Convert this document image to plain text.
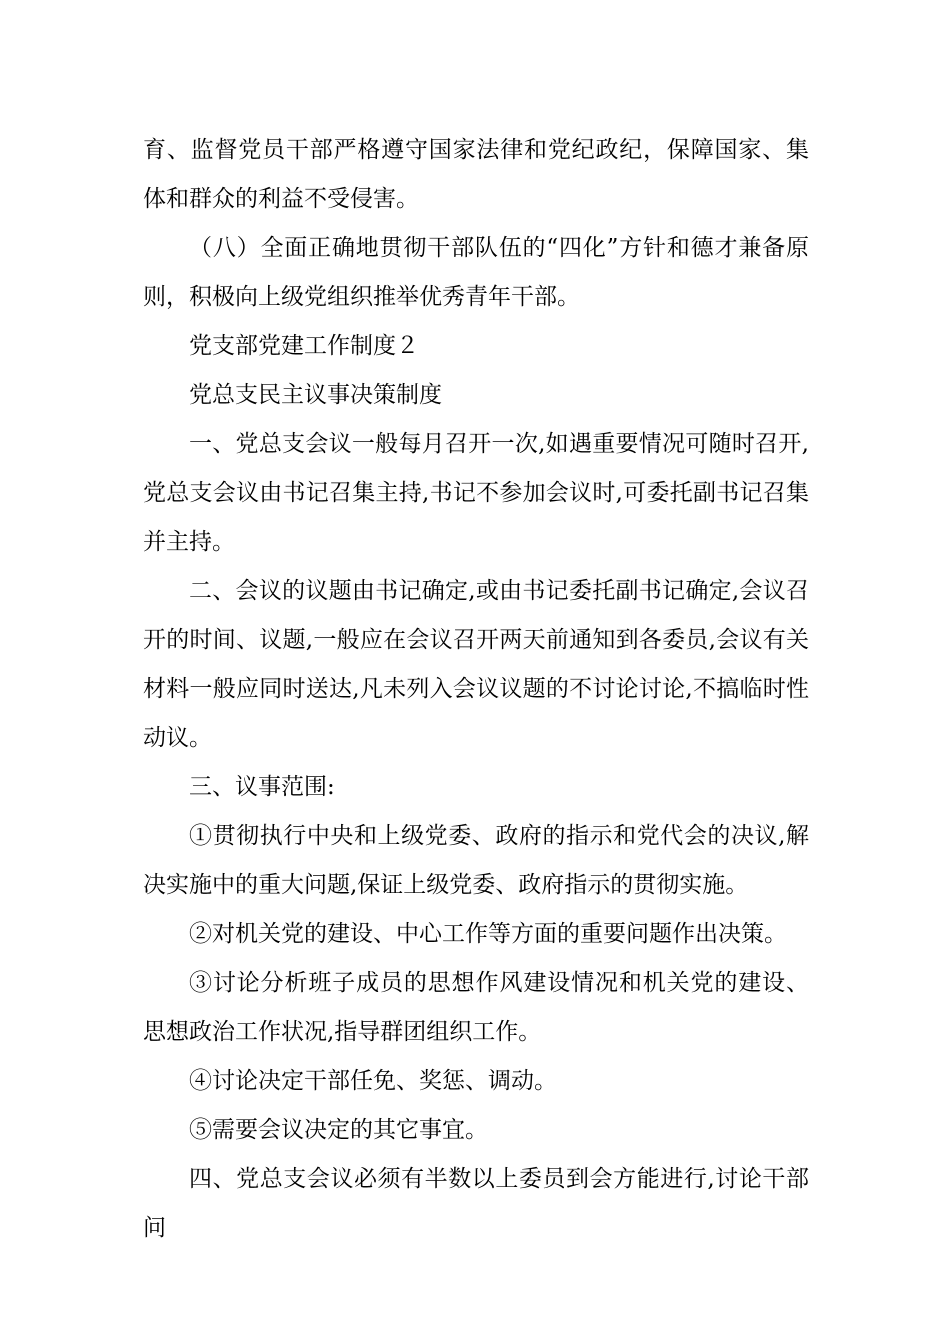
育、监督党员干部严格遵守国家法律和党纪政纪，保障国家、集体和群众的利益不受侵害。

（八）全面正确地贯彻干部队伍的“四化”方针和德才兼备原则，积极向上级党组织推举优秀青年干部。

党支部党建工作制度２

党总支民主议事决策制度

一、党总支会议一般每月召开一次,如遇重要情况可随时召开,党总支会议由书记召集主持,书记不参加会议时,可委托副书记召集并主持。

二、会议的议题由书记确定,或由书记委托副书记确定,会议召开的时间、议题,一般应在会议召开两天前通知到各委员,会议有关材料一般应同时送达,凡未列入会议议题的不讨论讨论,不搞临时性动议。

三、议事范围:

①贯彻执行中央和上级党委、政府的指示和党代会的决议,解决实施中的重大问题,保证上级党委、政府指示的贯彻实施。

②对机关党的建设、中心工作等方面的重要问题作出决策。

③讨论分析班子成员的思想作风建设情况和机关党的建设、思想政治工作状况,指导群团组织工作。

④讨论决定干部任免、奖惩、调动。

⑤需要会议决定的其它事宜。

四、党总支会议必须有半数以上委员到会方能进行,讨论干部问
